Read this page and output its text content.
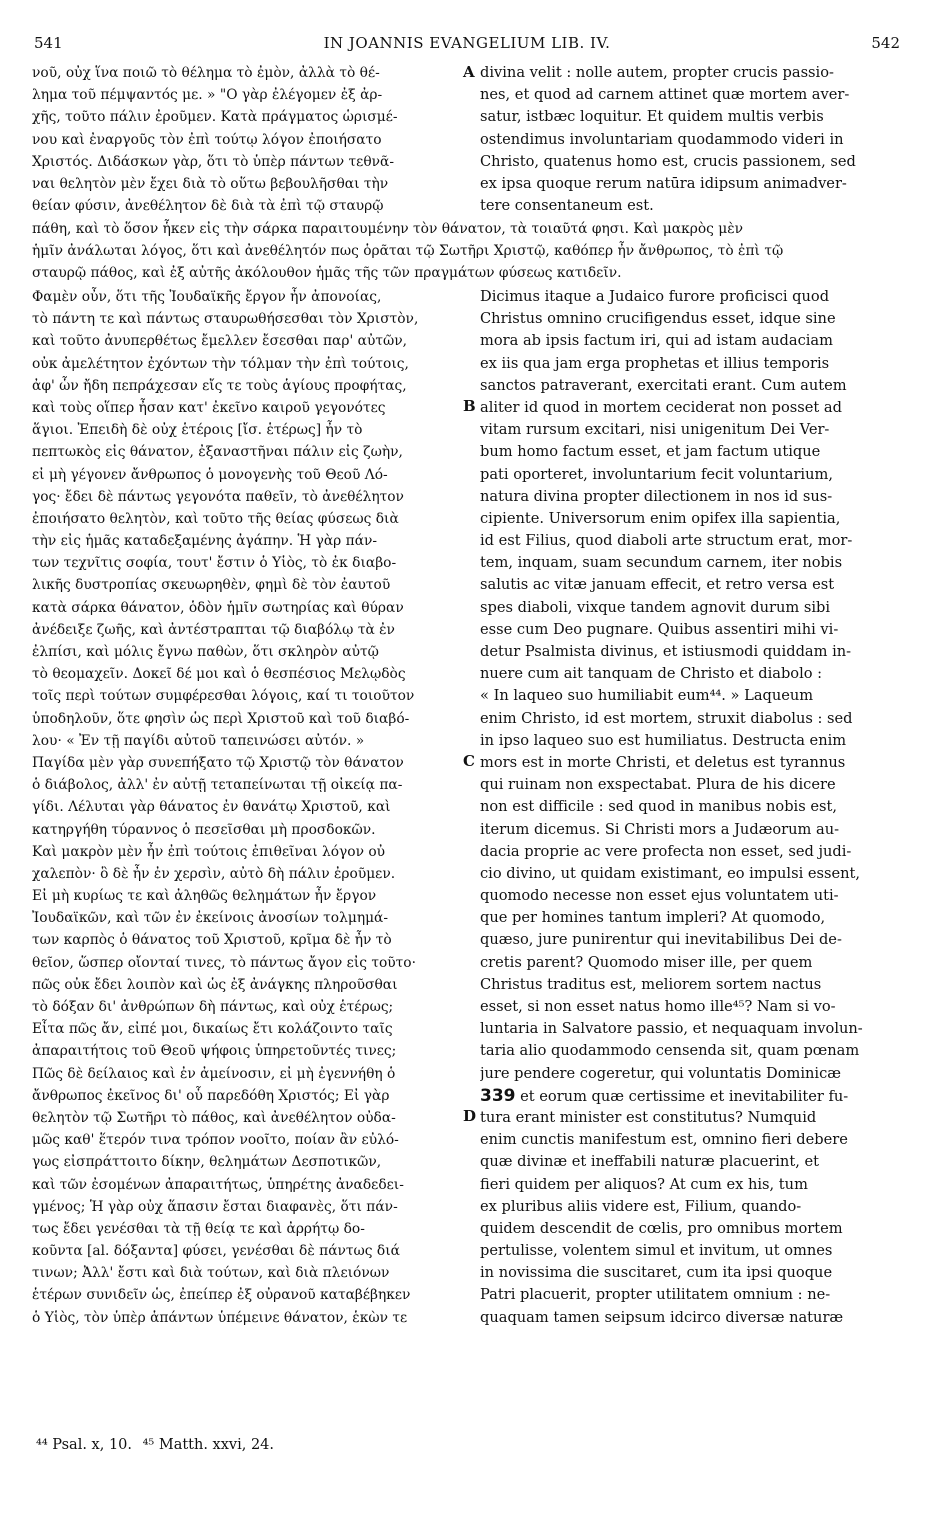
541	IN JOANNIS EVANGELIUM LIB. IV.	542
νοῦ, οὐχ ἵνα ποιῶ τὸ θέλημα τὸ ἐμὸν, ἀλλὰ τὸ θέ-
λημα τοῦ πέμψαντός με. » "Ο γὰρ ἐλέγομεν ἐξ ἀρ-
χῆς, τοῦτο πάλιν ἐροῦμεν. Κατὰ πράγματος ὡρισμέ-
νου καὶ ἐναργοῦς τὸν ἐπὶ τούτῳ λόγον ἐποιήσατο
Χριστός. Διδάσκων γὰρ, ὅτι τὸ ὑπὲρ πάντων τεθνᾶ-
ναι θελητὸν μὲν ἔχει διὰ τὸ οὕτω βεβουλῆσθαι τὴν
θείαν φύσιν, ἀνεθέλητον δὲ διὰ τὰ ἐπὶ τῷ σταυρῷ
divina velit : nolle autem, propter crucis passio-
nes, et quod ad carnem attinet quæ mortem aver-
satur, istbæc loquitur. Et quidem multis verbis
ostendimus involuntariam quodammodo videri in
Christo, quatenus homo est, crucis passionem, sed
ex ipsa quoque rerum natūra idipsum animadver-
tere consentaneum est.
πάθη, καὶ τὸ ὅσον ἧκεν εἰς τὴν σάρκα παραιτουμένην τὸν θάνατον, τὰ τοιαῦτά φησι. Καὶ μακρὸς μὲν
ἡμῖν ἀνάλωται λόγος, ὅτι καὶ ἀνεθέλητόν πως ὁρᾶται τῷ Σωτῆρι Χριστῷ, καθόπερ ἦν ἄνθρωπος, τὸ ἐπὶ τῷ
σταυρῷ πάθος, καὶ ἐξ αὐτῆς ἀκόλουθον ἡμᾶς τῆς τῶν πραγμάτων φύσεως κατιδεῖν.
Φαμὲν οὖν, ὅτι τῆς Ἰουδαϊκῆς ἔργον ἦν ἀπονοίας,
τὸ πάντη τε καὶ πάντως σταυρωθήσεσθαι τὸν Χριστὸν,
καὶ τοῦτο ἀνυπερθέτως ἔμελλεν ἔσεσθαι παρ' αὐτῶν,
οὐκ ἀμελέτητον ἐχόντων τὴν τόλμαν τὴν ἐπὶ τούτοις,
ἀφ' ὧν ἤδη πεπράχεσαν εἴς τε τοὺς ἁγίους προφήτας,
καὶ τοὺς οἵπερ ἦσαν κατ' ἐκεῖνο καιροῦ γεγονότες
ἅγιοι. Ἐπειδὴ δὲ οὐχ ἑτέροις [ἴσ. ἑτέρως] ἦν τὸ
πεπτωκὸς εἰς θάνατον, ἐξαναστῆναι πάλιν εἰς ζωὴν,
εἰ μὴ γέγονεν ἄνθρωπος ὁ μονογενὴς τοῦ Θεοῦ Λό-
γος· ἔδει δὲ πάντως γεγονότα παθεῖν, τὸ ἀνεθέλητον
ἐποιήσατο θελητὸν, καὶ τοῦτο τῆς θείας φύσεως διὰ
τὴν εἰς ἡμᾶς καταδεξαμένης ἀγάπην. Ἡ γὰρ πάν-
των τεχνῖτις σοφία, τουτ' ἔστιν ὁ Υἱὸς, τὸ ἐκ διαβο-
λικῆς δυστροπίας σκευωρηθὲν, φημὶ δὲ τὸν ἐαυτοῦ
κατὰ σάρκα θάνατον, ὁδὸν ἡμῖν σωτηρίας καὶ θύραν
ἀνέδειξε ζωῆς, καὶ ἀντέστραπται τῷ διαβόλῳ τὰ ἐν
ἐλπίσι, καὶ μόλις ἔγνω παθὼν, ὅτι σκληρὸν αὐτῷ
τὸ θεομαχεῖν. Δοκεῖ δέ μοι καὶ ὁ θεσπέσιος Μελῳδὸς
τοῖς περὶ τούτων συμφέρεσθαι λόγοις, καί τι τοιοῦτον
ὑποδηλοῦν, ὅτε φησὶν ὡς περὶ Χριστοῦ καὶ τοῦ διαβό-
λου· « Ἐν τῇ παγίδι αὐτοῦ ταπεινώσει αὐτόν. »
Παγίδα μὲν γὰρ συνεπήξατο τῷ Χριστῷ τὸν θάνατον
ὁ διάβολος, ἀλλ' ἐν αὐτῇ τεταπείνωται τῇ οἰκείᾳ πα-
γίδι. Λέλυται γὰρ θάνατος ἐν θανάτῳ Χριστοῦ, καὶ
κατηργήθη τύραννος ὁ πεσεῖσθαι μὴ προσδοκῶν.
Καὶ μακρὸν μὲν ἦν ἐπὶ τούτοις ἐπιθεῖναι λόγον οὐ
χαλεπὸν· ὃ δὲ ἦν ἐν χερσὶν, αὐτὸ δὴ πάλιν ἐροῦμεν.
Εἰ μὴ κυρίως τε καὶ ἀληθῶς θελημάτων ἦν ἔργον
Ἰουδαϊκῶν, καὶ τῶν ἐν ἐκείνοις ἀνοσίων τολμημά-
των καρπὸς ὁ θάνατος τοῦ Χριστοῦ, κρῖμα δὲ ἦν τὸ
θεῖον, ὥσπερ οἴονταί τινες, τὸ πάντως ἄγον εἰς τοῦτο·
πῶς οὐκ ἔδει λοιπὸν καὶ ὡς ἐξ ἀνάγκης πληροῦσθαι
τὸ δόξαν δι' ἀνθρώπων δὴ πάντως, καὶ οὐχ ἑτέρως;
Εἶτα πῶς ἄν, εἰπέ μοι, δικαίως ἔτι κολάζοιντο ταῖς
ἀπαραιτήτοις τοῦ Θεοῦ ψήφοις ὑπηρετοῦντές τινες;
Πῶς δὲ δείλαιος καὶ ἐν ἀμείνοσιν, εἰ μὴ ἐγεννήθη ὁ
ἄνθρωπος ἐκεῖνος δι' οὗ παρεδόθη Χριστός; Εἰ γὰρ
θελητὸν τῷ Σωτῆρι τὸ πάθος, καὶ ἀνεθέλητον οὐδα-
μῶς καθ' ἕτερόν τινα τρόπον νοοῖτο, ποίαν ἂν εὐλό-
γως εἰσπράττοιτο δίκην, θελημάτων Δεσποτικῶν,
καὶ τῶν ἐσομένων ἀπαραιτήτως, ὑπηρέτης ἀναδεδει-
γμένος; Ἡ γὰρ οὐχ ἅπασιν ἔσται διαφανὲς, ὅτι πάν-
τως ἔδει γενέσθαι τὰ τῇ θείᾳ τε καὶ ἀρρήτῳ δο-
κοῦντα [al. δόξαντα] φύσει, γενέσθαι δὲ πάντως διά
τινων; Ἀλλ' ἔστι καὶ διὰ τούτων, καὶ διὰ πλειόνων
ἑτέρων συνιδεῖν ὡς, ἐπείπερ ἐξ οὐρανοῦ καταβέβηκεν
ὁ Υἱὸς, τὸν ὑπὲρ ἁπάντων ὑπέμεινε θάνατον, ἑκὼν τε
Dicimus itaque a Judaico furore proficisci quod
Christus omnino crucifigendus esset, idque sine
mora ab ipsis factum iri, qui ad istam audaciam
ex iis qua jam erga prophetas et illius temporis
sanctos patraverant, exercitati erant. Cum autem
aliter id quod in mortem ceciderat non posset ad
vitam rursum excitari, nisi unigenitum Dei Ver-
bum homo factum esset, et jam factum utique
pati oporteret, involuntarium fecit voluntarium,
natura divina propter dilectionem in nos id sus-
cipiente. Universorum enim opifex illa sapientia,
id est Filius, quod diaboli arte structum erat, mor-
tem, inquam, suam secundum carnem, iter nobis
salutis ac vitæ januam effecit, et retro versa est
spes diaboli, vixque tandem agnovit durum sibi
esse cum Deo pugnare. Quibus assentiri mihi vi-
detur Psalmista divinus, et istiusmodi quiddam in-
nuere cum ait tanquam de Christo et diabolo :
« In laqueo suo humiliabit eum⁴⁴. » Laqueum
enim Christo, id est mortem, struxit diabolus : sed
in ipso laqueo suo est humiliatus. Destructa enim
mors est in morte Christi, et deletus est tyrannus
qui ruinam non exspectabat. Plura de his dicere
non est difficile : sed quod in manibus nobis est,
iterum dicemus. Si Christi mors a Judæorum au-
dacia proprie ac vere profecta non esset, sed judi-
cio divino, ut quidam existimant, eo impulsi essent,
quomodo necesse non esset ejus voluntatem uti-
que per homines tantum impleri? At quomodo,
quæso, jure punirentur qui inevitabilibus Dei de-
cretis parent? Quomodo miser ille, per quem
Christus traditus est, meliorem sortem nactus
esset, si non esset natus homo ille⁴⁵? Nam si vo-
luntaria in Salvatore passio, et nequaquam involun-
taria alio quodammodo censenda sit, quam pœnam
jure pendere cogeretur, qui voluntatis Dominicæ
339 et eorum quæ certissime et inevitabiliter fu-
tura erant minister est constitutus? Numquid
enim cunctis manifestum est, omnino fieri debere
quæ divinæ et ineffabili naturæ placuerint, et
fieri quidem per aliquos? At cum ex his, tum
ex pluribus aliis videre est, Filium, quando-
quidem descendit de cœlis, pro omnibus mortem
pertulisse, volentem simul et invitum, ut omnes
in novissima die suscitaret, cum ita ipsi quoque
Patri placuerit, propter utilitatem omnium : ne-
quaquam tamen seipsum idcirco diversæ naturæ
A
B
C
D
⁴⁴ Psal. x, 10. ⁴⁵ Matth. xxvi, 24.
